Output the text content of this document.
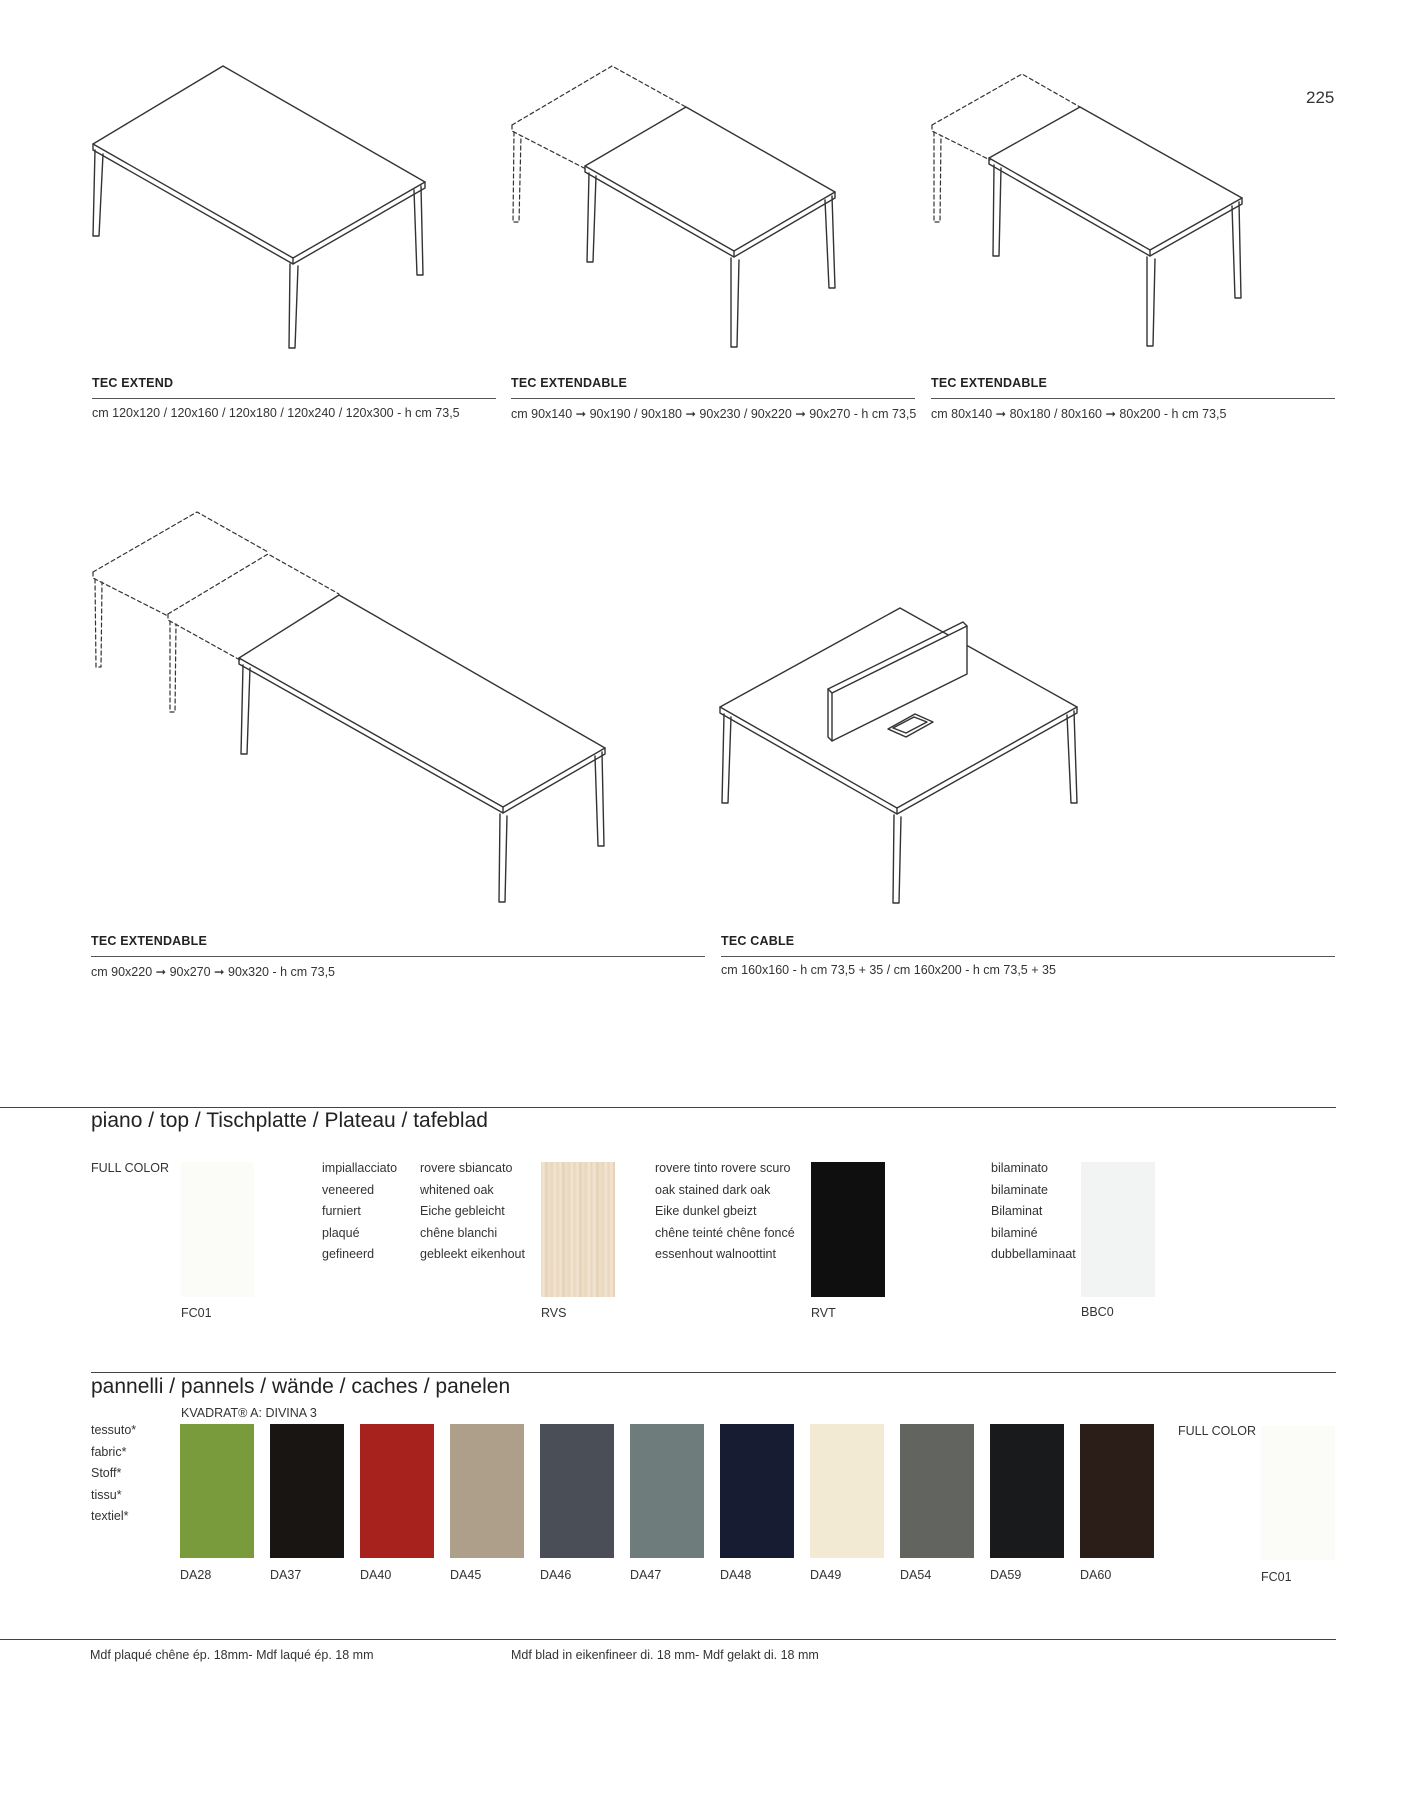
225
TEC EXTEND
cm 120x120 / 120x160 / 120x180 / 120x240 / 120x300 - h cm 73,5
TEC EXTENDABLE
cm 90x140 ➞ 90x190 / 90x180 ➞ 90x230 / 90x220 ➞ 90x270 - h cm 73,5
TEC EXTENDABLE
cm 80x140 ➞ 80x180 / 80x160 ➞ 80x200 - h cm 73,5
TEC EXTENDABLE
cm 90x220 ➞ 90x270 ➞ 90x320 - h cm 73,5
TEC CABLE
cm 160x160 - h cm 73,5 + 35 / cm 160x200 - h cm 73,5 + 35
piano / top / Tischplatte / Plateau / tafeblad
FULL COLOR
FC01
impiallacciato
veneered
furniert
plaqué
gefineerd
rovere sbiancato
whitened oak
Eiche gebleicht
chêne blanchi
gebleekt eikenhout
RVS
rovere tinto rovere scuro
oak stained dark oak
Eike dunkel gbeizt
chêne teinté chêne foncé
essenhout walnoottint
RVT
bilaminato
bilaminate
Bilaminat
bilaminé
dubbellaminaat
BBC0
pannelli / pannels / wände / caches / panelen
KVADRAT® A: DIVINA 3
tessuto*
fabric*
Stoff*
tissu*
textiel*
DA28	DA37	DA40	DA45	DA46	DA47	DA48	DA49	DA54	DA59	DA60
FULL COLOR
FC01
Mdf plaqué chêne ép. 18mm- Mdf laqué ép. 18 mm	Mdf blad in eikenfineer di. 18 mm- Mdf gelakt di. 18 mm
